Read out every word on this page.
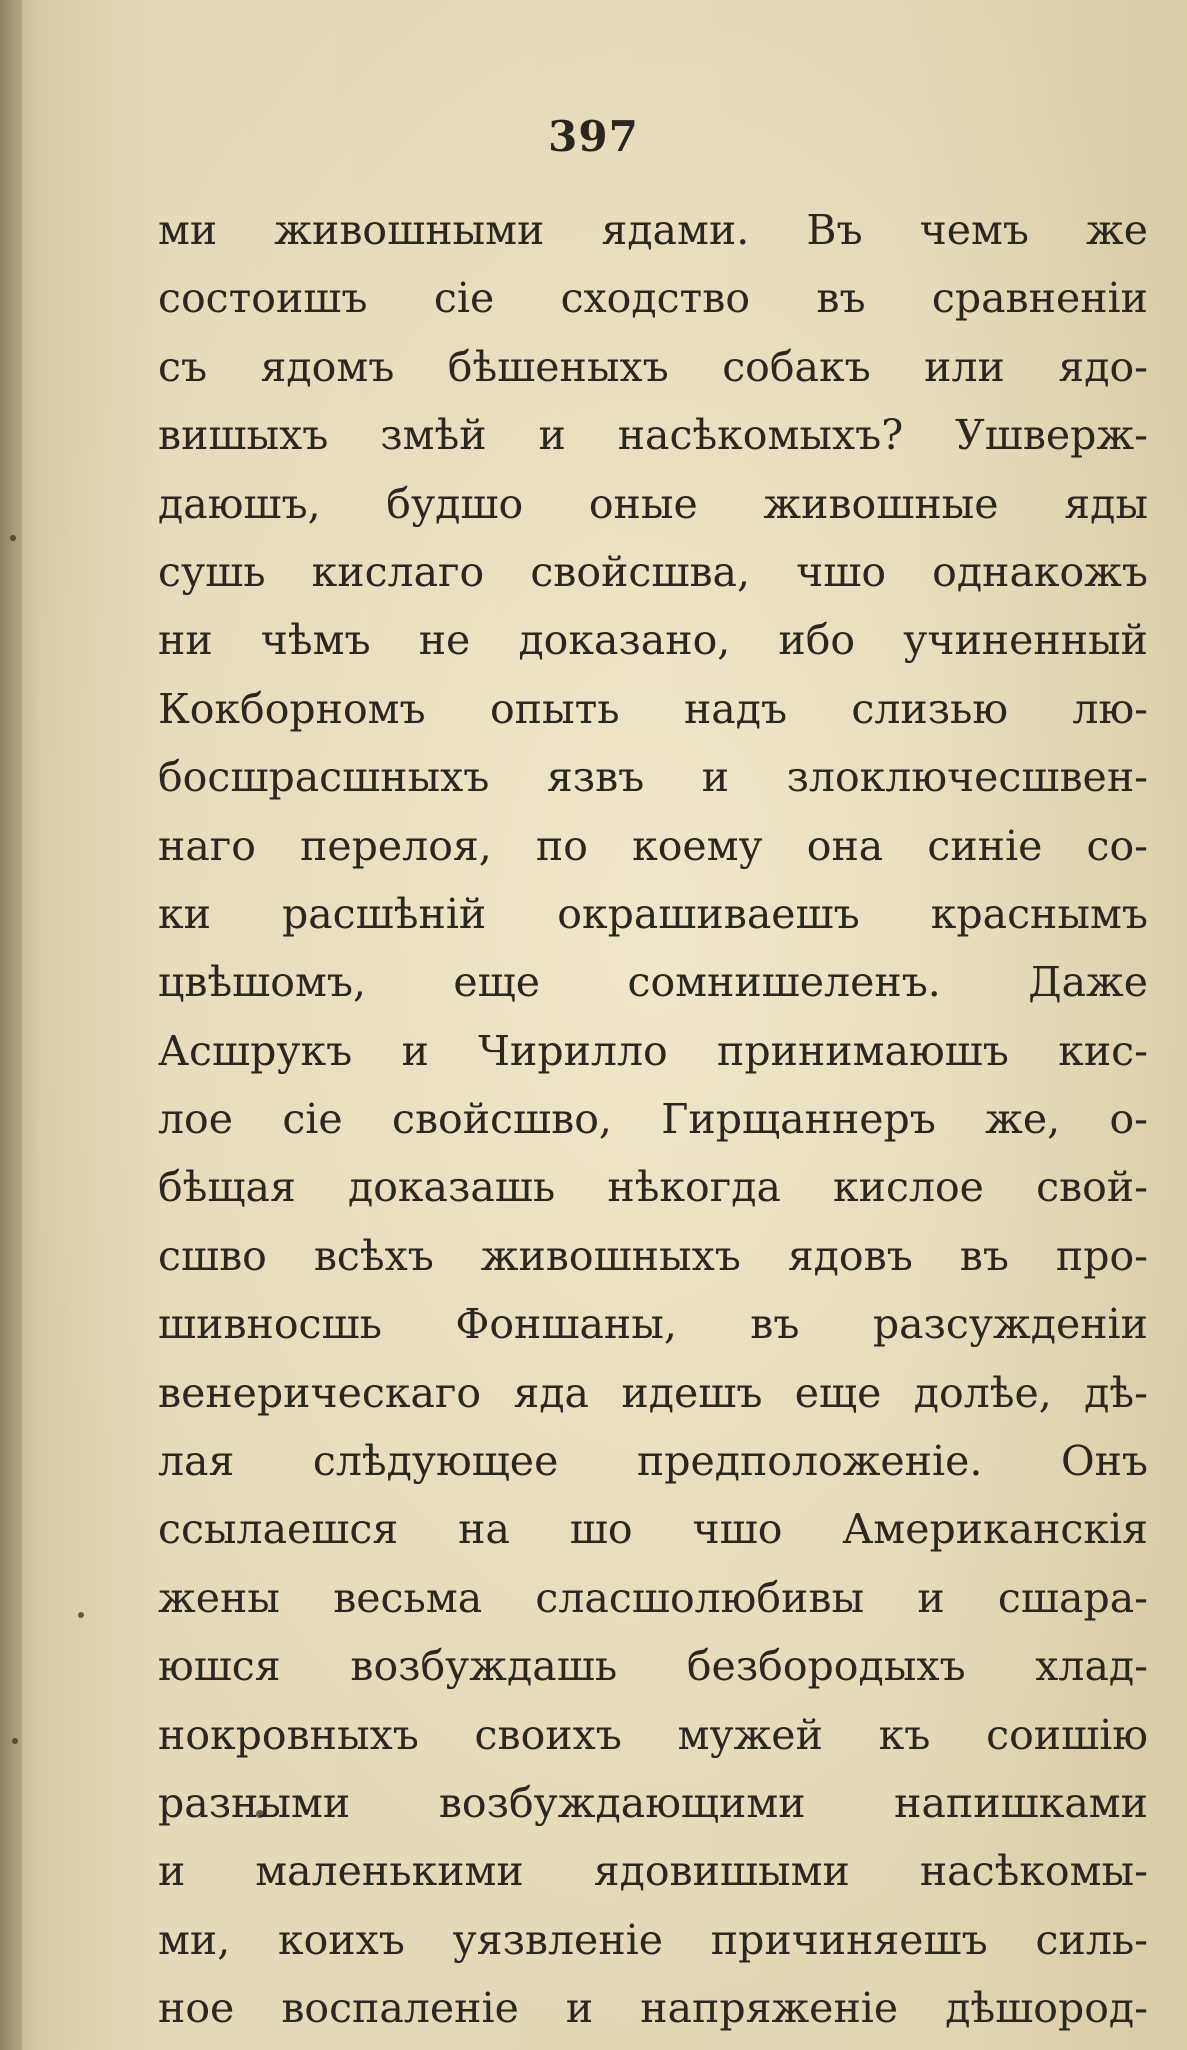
397
ми живошными ядами. Въ чемъ же
состоишъ сiе сходство въ сравненiи
съ ядомъ бѣшеныхъ собакъ или ядо-
вишыхъ змѣй и насѣкомыхъ? Ушверж-
даюшъ, будшо оные живошные яды
сушь кислаго свойсшва, чшо однакожъ
ни чѣмъ не доказано, ибо учиненный
Кокборномъ опыть надъ слизью лю-
босшрасшныхъ язвъ и злоключесшвен-
наго перелоя, по коему она синie со-
ки расшѣнiй окрашиваешъ краснымъ
цвѣшомъ, еще сомнишеленъ. Даже
Асшрукъ и Чирилло принимаюшъ кис-
лое сiе свойсшво, Гирщаннеръ же, о-
бѣщая доказашь нѣкогда кислое свой-
сшво всѣхъ живошныхъ ядовъ въ про-
шивносшь Фоншаны, въ разсужденiи
венерическаго яда идешъ еще долѣе, дѣ-
лая слѣдующее предположенiе. Онъ
ссылаешся на шо чшо Американскiя
жены весьма сласшолюбивы и сшара-
юшся возбуждашь безбородыхъ хлад-
нокровныхъ своихъ мужей къ соишiю
разными возбуждающими напишками
и маленькими ядовишыми насѣкомы-
ми, коихъ уязвленiе причиняешъ силь-
ное воспаленiе и напряженiе дѣшород-
